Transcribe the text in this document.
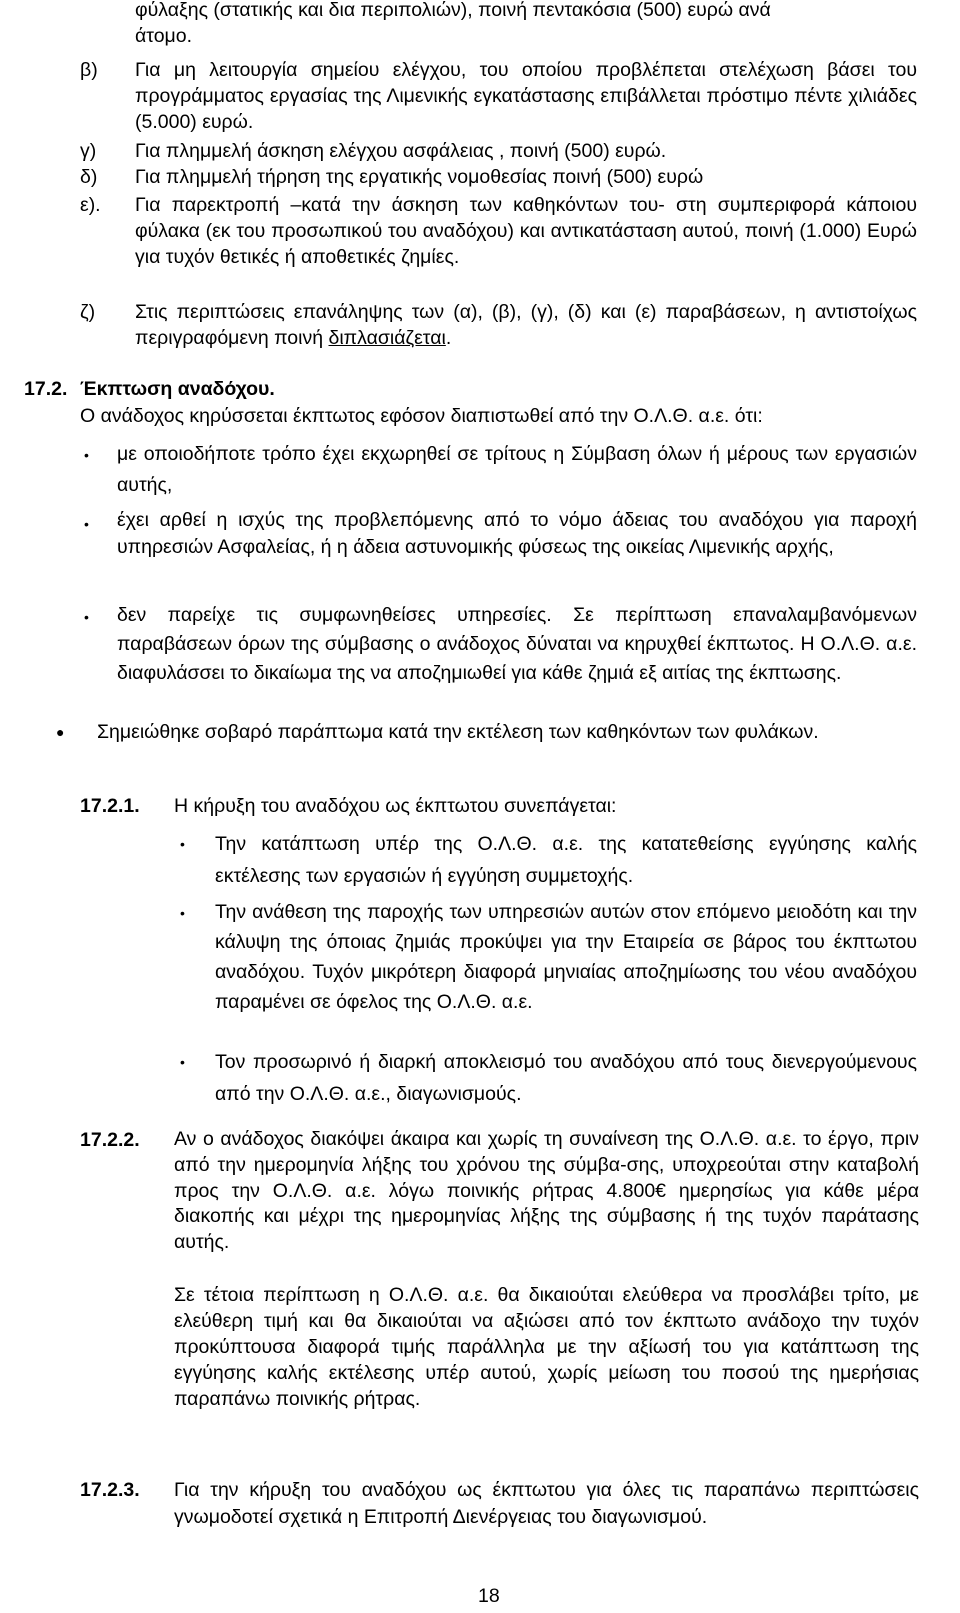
φύλαξης (στατικής και δια περιπολιών), ποινή πεντακόσια (500) ευρώ ανά
άτομο.
β) Για μη λειτουργία σημείου ελέγχου, του οποίου προβλέπεται στελέχωση βάσει του προγράμματος εργασίας της Λιμενικής εγκατάστασης επιβάλλεται πρόστιμο πέντε χιλιάδες (5.000) ευρώ.
γ) Για πλημμελή άσκηση ελέγχου ασφάλειας , ποινή (500) ευρώ.
δ) Για πλημμελή τήρηση της εργατικής νομοθεσίας ποινή (500) ευρώ
ε). Για παρεκτροπή –κατά την άσκηση των καθηκόντων του- στη συμπεριφορά κάποιου φύλακα (εκ του προσωπικού του αναδόχου) και αντικατάσταση αυτού, ποινή (1.000) Ευρώ για τυχόν θετικές ή αποθετικές ζημίες.
ζ) Στις περιπτώσεις επανάληψης των (α), (β), (γ), (δ) και (ε) παραβάσεων, η αντιστοίχως περιγραφόμενη ποινή διπλασιάζεται.
17.2. Έκπτωση αναδόχου.
Ο ανάδοχος κηρύσσεται έκπτωτος εφόσον διαπιστωθεί από την Ο.Λ.Θ. α.ε. ότι:
• με οποιοδήποτε τρόπο έχει εκχωρηθεί σε τρίτους η Σύμβαση όλων ή μέρους των εργασιών αυτής,
• έχει αρθεί η ισχύς της προβλεπόμενης από το νόμο άδειας του αναδόχου για παροχή υπηρεσιών Ασφαλείας, ή η άδεια αστυνομικής φύσεως της οικείας Λιμενικής αρχής,
• δεν παρείχε τις συμφωνηθείσες υπηρεσίες. Σε περίπτωση επαναλαμβανόμενων παραβάσεων όρων της σύμβασης ο ανάδοχος δύναται να κηρυχθεί έκπτωτος. Η Ο.Λ.Θ. α.ε. διαφυλάσσει το δικαίωμα της να αποζημιωθεί για κάθε ζημιά εξ αιτίας της έκπτωσης.
● Σημειώθηκε σοβαρό παράπτωμα κατά την εκτέλεση των καθηκόντων των φυλάκων.
17.2.1. Η κήρυξη του αναδόχου ως έκπτωτου συνεπάγεται:
• Την κατάπτωση υπέρ της Ο.Λ.Θ. α.ε. της κατατεθείσης εγγύησης καλής εκτέλεσης των εργασιών ή εγγύηση συμμετοχής.
• Την ανάθεση της παροχής των υπηρεσιών αυτών στον επόμενο μειοδότη και την κάλυψη της όποιας ζημιάς προκύψει για την Εταιρεία σε βάρος του έκπτωτου αναδόχου. Τυχόν μικρότερη διαφορά μηνιαίας αποζημίωσης του νέου αναδόχου παραμένει σε όφελος της Ο.Λ.Θ. α.ε.
• Τον προσωρινό ή διαρκή αποκλεισμό του αναδόχου από τους διενεργούμενους από την Ο.Λ.Θ. α.ε., διαγωνισμούς.
17.2.2. Αν ο ανάδοχος διακόψει άκαιρα και χωρίς τη συναίνεση της Ο.Λ.Θ. α.ε. το έργο, πριν από την ημερομηνία λήξης του χρόνου της σύμβα-σης, υποχρεούται στην καταβολή προς την Ο.Λ.Θ. α.ε. λόγω ποινικής ρήτρας 4.800€ ημερησίως για κάθε μέρα διακοπής και μέχρι της ημερομηνίας λήξης της σύμβασης ή της τυχόν παράτασης αυτής.
Σε τέτοια περίπτωση η Ο.Λ.Θ. α.ε. θα δικαιούται ελεύθερα να προσλάβει τρίτο, με ελεύθερη τιμή και θα δικαιούται να αξιώσει από τον έκπτωτο ανάδοχο την τυχόν προκύπτουσα διαφορά τιμής παράλληλα με την αξίωσή του για κατάπτωση της εγγύησης καλής εκτέλεσης υπέρ αυτού, χωρίς μείωση του ποσού της ημερήσιας παραπάνω ποινικής ρήτρας.
17.2.3. Για την κήρυξη του αναδόχου ως έκπτωτου για όλες τις παραπάνω περιπτώσεις γνωμοδοτεί σχετικά η Επιτροπή Διενέργειας του διαγωνισμού.
18
